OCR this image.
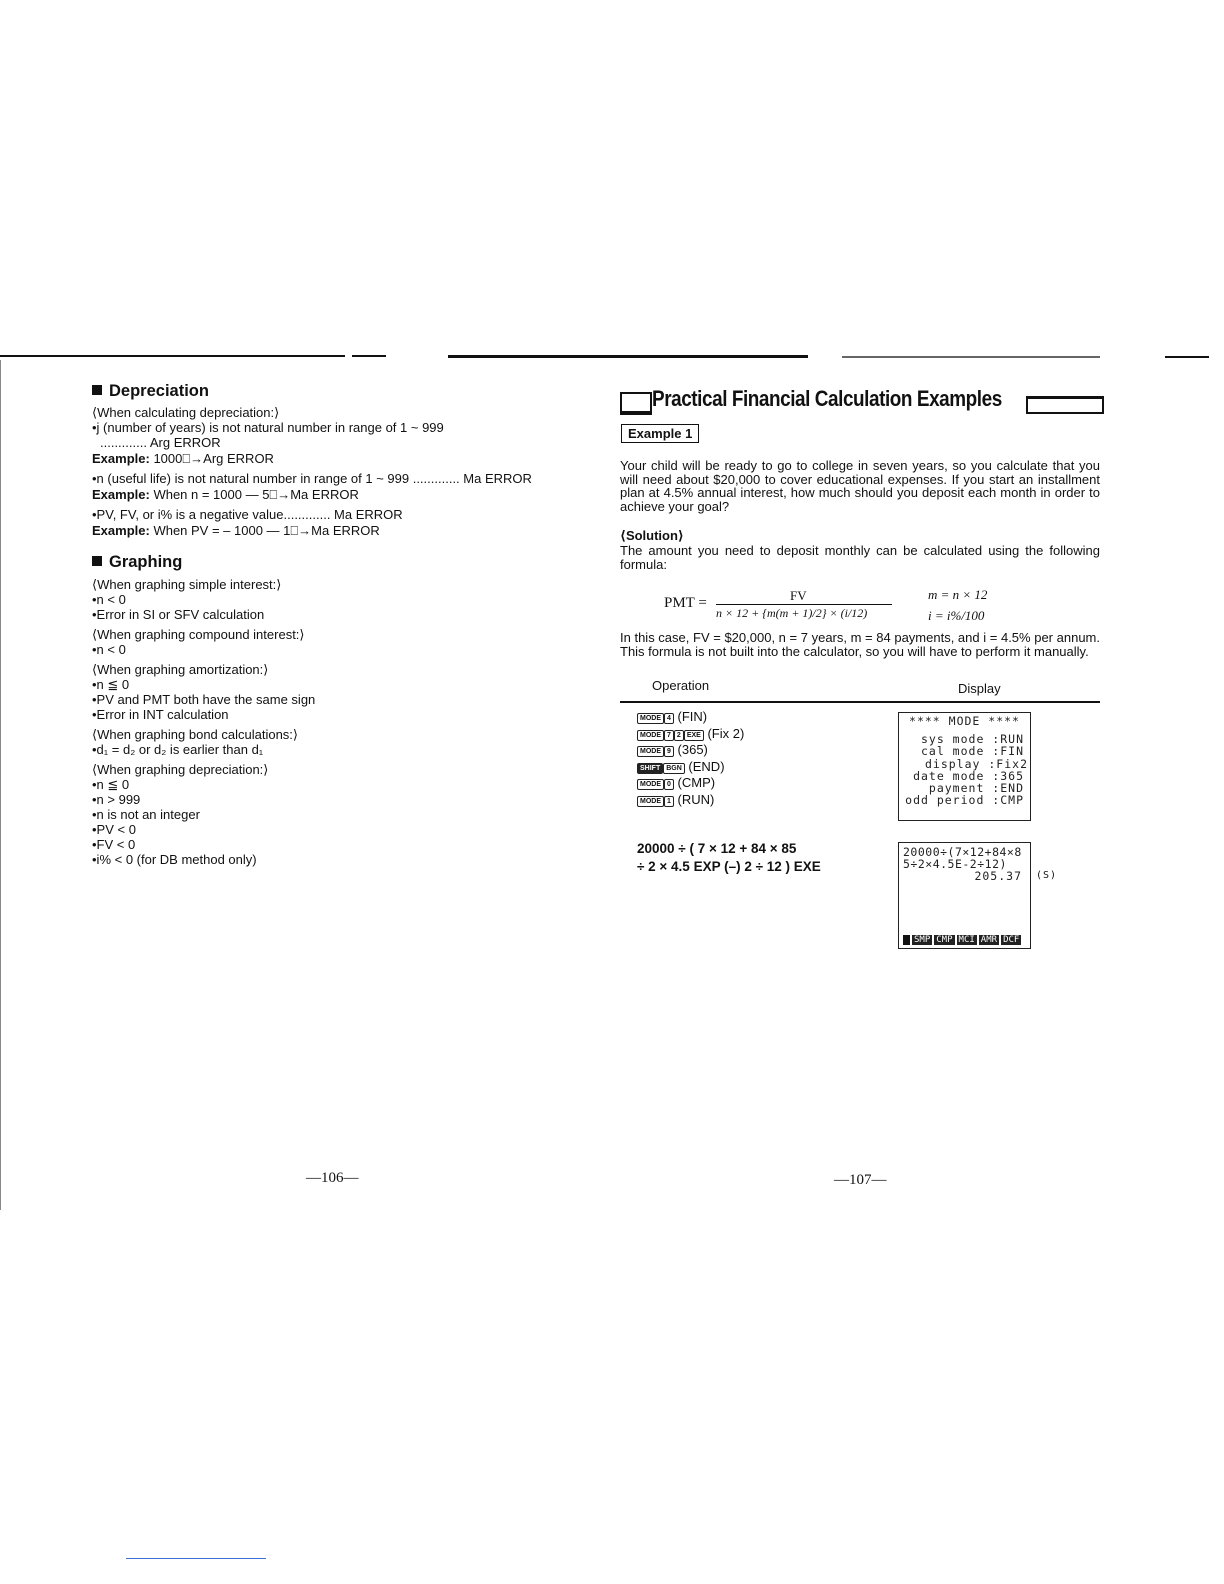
Depreciation
⟨When calculating depreciation:⟩
•j (number of years) is not natural number in range of 1 ~ 999
............. Arg ERROR
Example: 1000⎕→Arg ERROR
•n (useful life) is not natural number in range of 1 ~ 999 ............. Ma ERROR
Example: When n = 1000 — 5⎕→Ma ERROR
•PV, FV, or i% is a negative value............. Ma ERROR
Example: When PV = – 1000 — 1⎕→Ma ERROR
Graphing
⟨When graphing simple interest:⟩
•n < 0
•Error in SI or SFV calculation
⟨When graphing compound interest:⟩
•n < 0
⟨When graphing amortization:⟩
•n ≦ 0
•PV and PMT both have the same sign
•Error in INT calculation
⟨When graphing bond calculations:⟩
•d₁ = d₂ or d₂ is earlier than d₁
⟨When graphing depreciation:⟩
•n ≦ 0
•n > 999
•n is not an integer
•PV < 0
•FV < 0
•i% < 0 (for DB method only)
—106—
Practical Financial Calculation Examples
Example 1
Your child will be ready to go to college in seven years, so you calculate that you will need about $20,000 to cover educational expenses. If you start an installment plan at 4.5% annual interest, how much should you deposit each month in order to achieve your goal?
⟨Solution⟩
The amount you need to deposit monthly can be calculated using the following formula:
PMT =	FV
n × 12 + {m(m + 1)/2} × (i/12)
m = n × 12
i = i%/100
In this case, FV = $20,000, n = 7 years, m = 84 payments, and i = 4.5% per annum. This formula is not built into the calculator, so you will have to perform it manually.
Operation	Display
MODE 4 (FIN)
MODE 7 2 EXE (Fix 2)
MODE 9 (365)
SHIFT BGN (END)
MODE 0 (CMP)
MODE 1 (RUN)
**** MODE ****
sys mode :RUN
cal mode :FIN
display :Fix2
date mode :365
payment :END
odd period :CMP
20000 ÷ ( 7 × 12 + 84 × 85
÷ 2 × 4.5 EXP (–) 2 ÷ 12 ) EXE
20000÷(7×12+84×8
5÷2×4.5E-2÷12)
205.37
SMP CMP MCI AMR DCF
(S)
—107—
